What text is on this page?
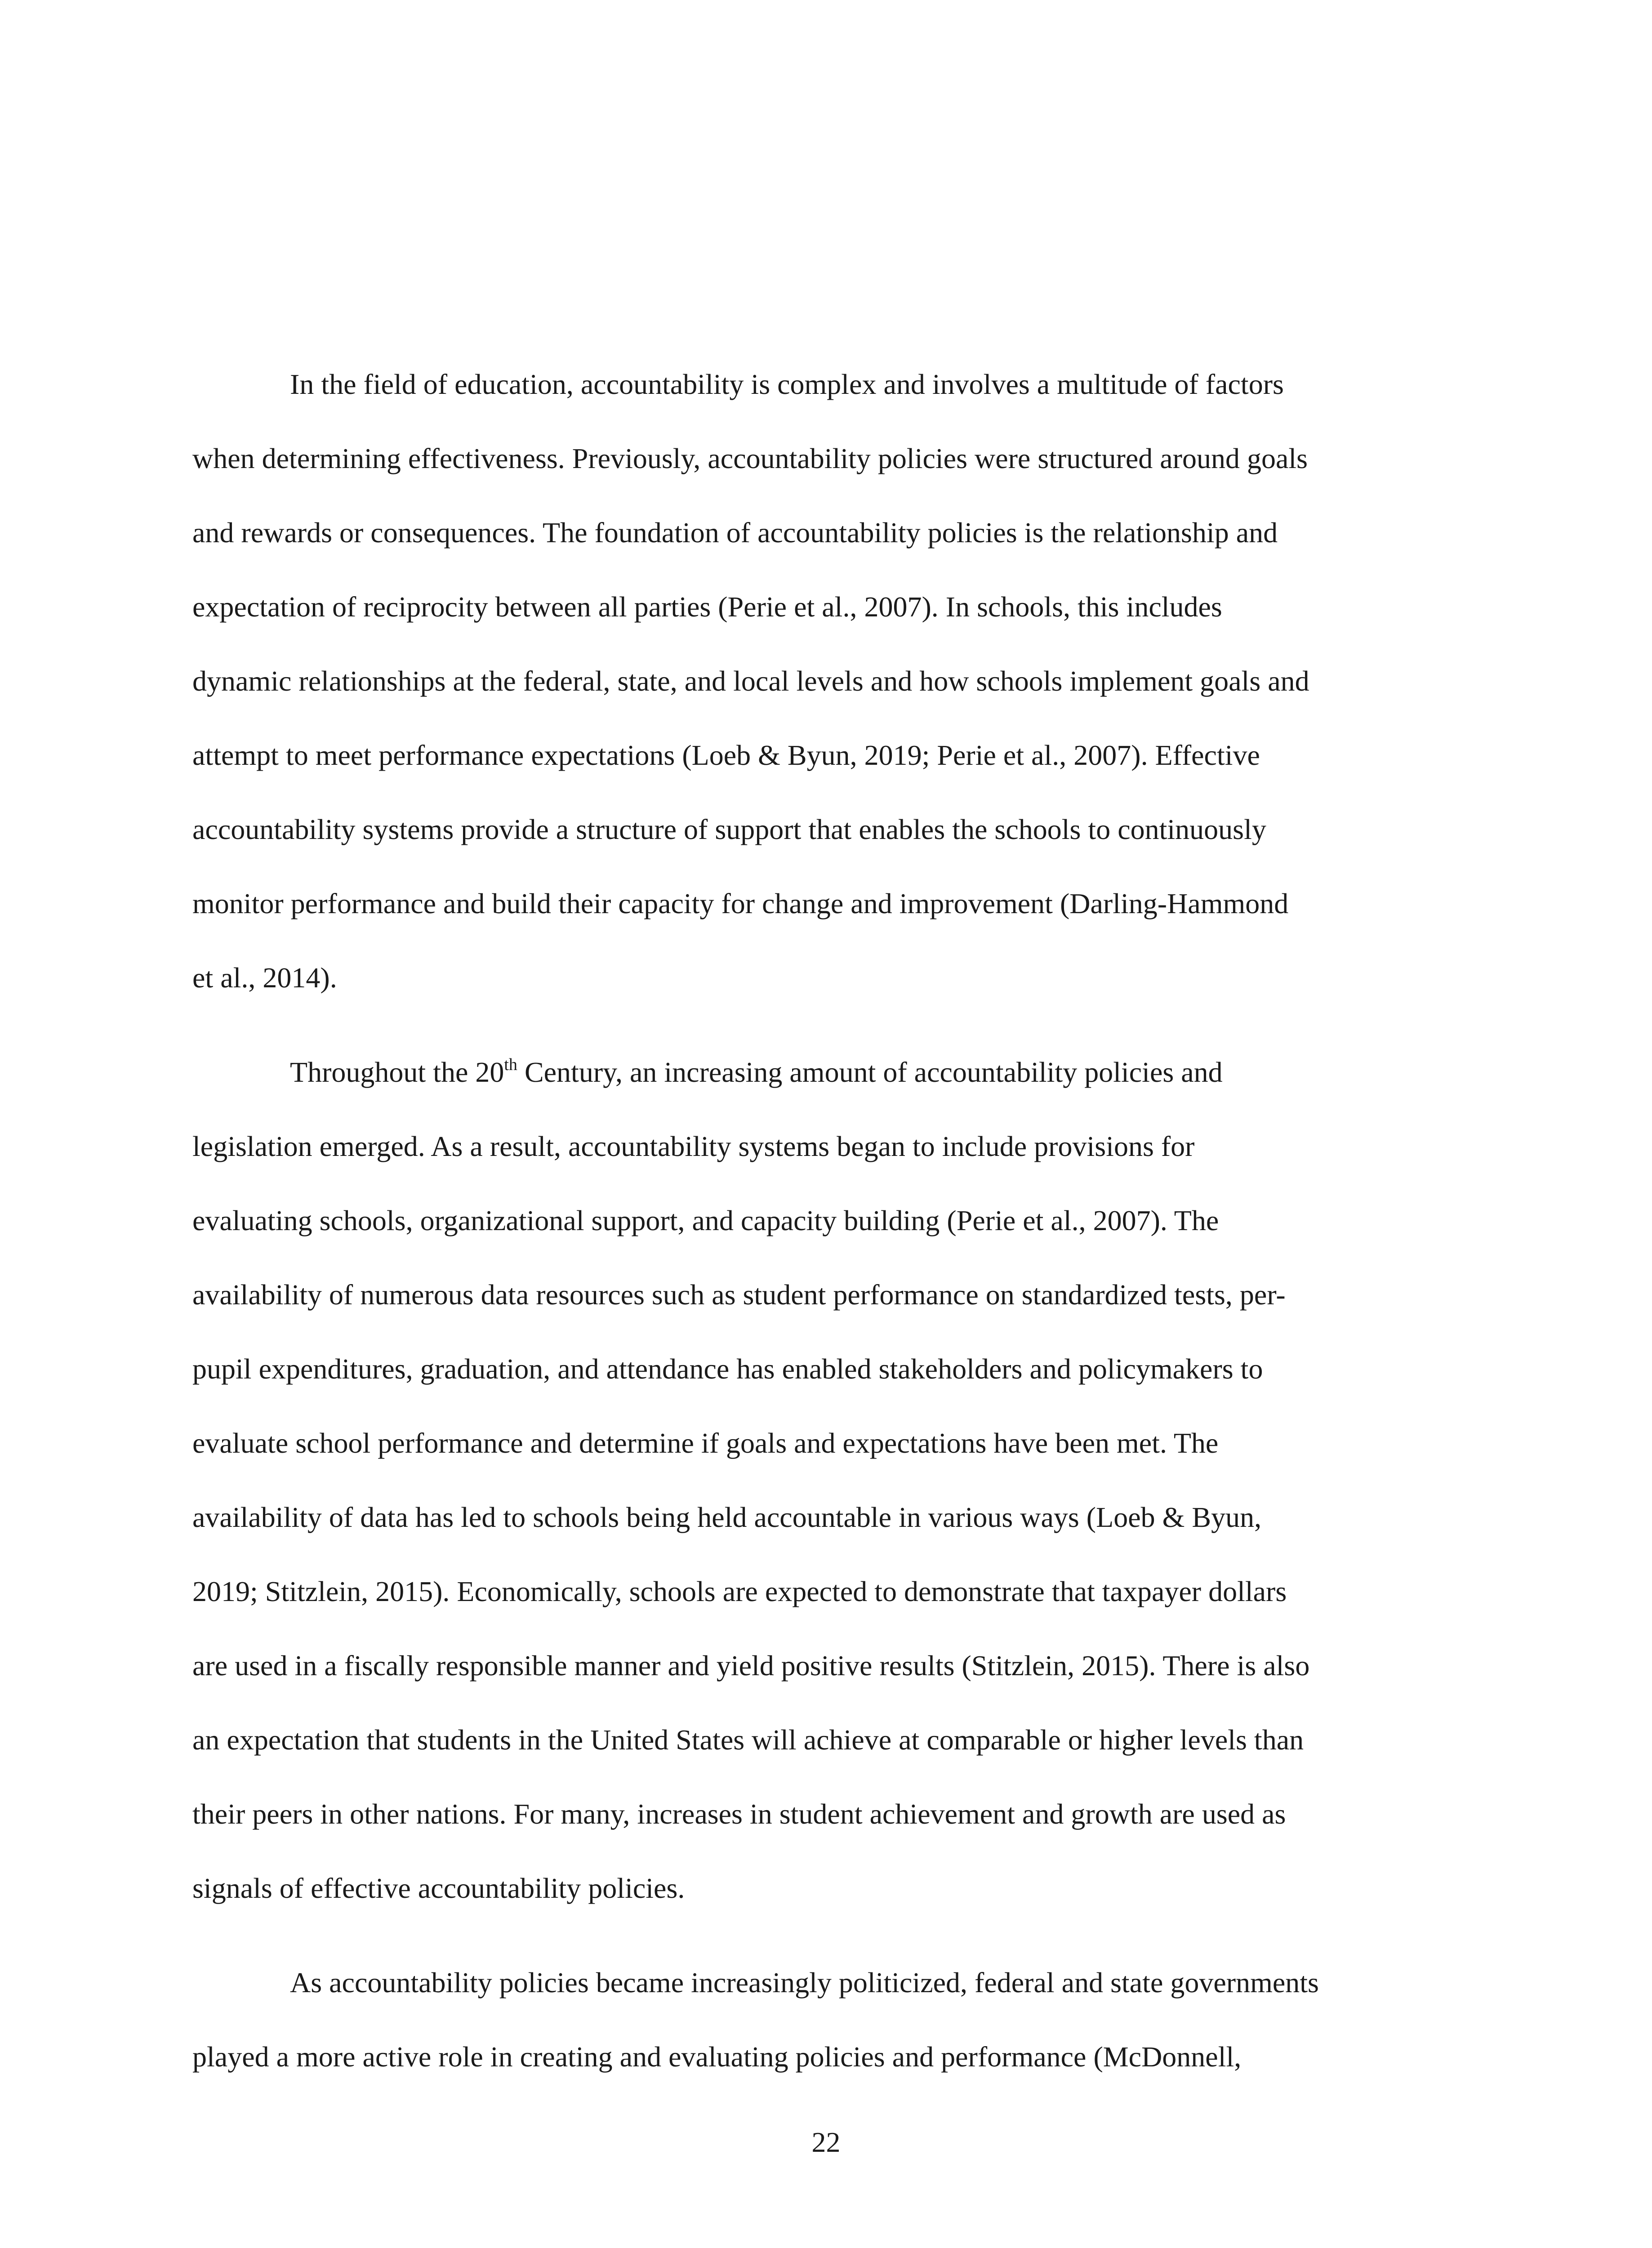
In the field of education, accountability is complex and involves a multitude of factors
when determining effectiveness. Previously, accountability policies were structured around goals
and rewards or consequences. The foundation of accountability policies is the relationship and
expectation of reciprocity between all parties (Perie et al., 2007). In schools, this includes
dynamic relationships at the federal, state, and local levels and how schools implement goals and
attempt to meet performance expectations (Loeb & Byun, 2019; Perie et al., 2007). Effective
accountability systems provide a structure of support that enables the schools to continuously
monitor performance and build their capacity for change and improvement (Darling-Hammond
et al., 2014).
Throughout the 20th Century, an increasing amount of accountability policies and
legislation emerged. As a result, accountability systems began to include provisions for
evaluating schools, organizational support, and capacity building (Perie et al., 2007). The
availability of numerous data resources such as student performance on standardized tests, per-
pupil expenditures, graduation, and attendance has enabled stakeholders and policymakers to
evaluate school performance and determine if goals and expectations have been met. The
availability of data has led to schools being held accountable in various ways (Loeb & Byun,
2019; Stitzlein, 2015). Economically, schools are expected to demonstrate that taxpayer dollars
are used in a fiscally responsible manner and yield positive results (Stitzlein, 2015). There is also
an expectation that students in the United States will achieve at comparable or higher levels than
their peers in other nations. For many, increases in student achievement and growth are used as
signals of effective accountability policies.
As accountability policies became increasingly politicized, federal and state governments
played a more active role in creating and evaluating policies and performance (McDonnell,
22
